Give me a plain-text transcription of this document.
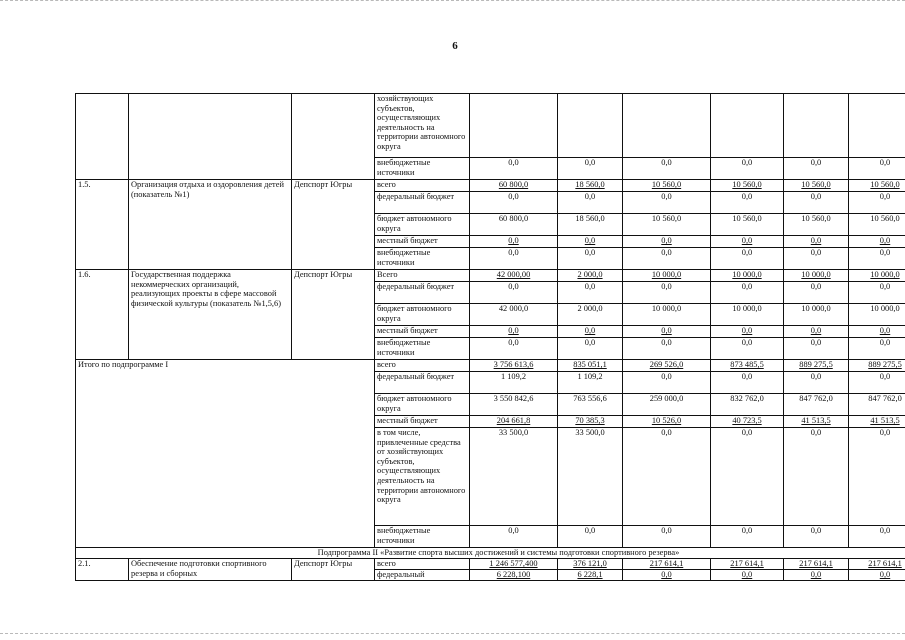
6
			хозяйствующих субъектов, осуществляющих деятельность на территории автономного округа						
			внебюджетные источники	0,0	0,0	0,0	0,0	0,0	0,0
1.5.	Организация отдыха и оздоровления детей (показатель №1)	Депспорт Югры	всего	60 800,0	18 560,0	10 560,0	10 560,0	10 560,0	10 560,0
			федеральный бюджет	0,0	0,0	0,0	0,0	0,0	0,0
			бюджет автономного округа	60 800,0	18 560,0	10 560,0	10 560,0	10 560,0	10 560,0
			местный бюджет	0,0	0,0	0,0	0,0	0,0	0,0
			внебюджетные источники	0,0	0,0	0,0	0,0	0,0	0,0
1.6.	Государственная поддержка некоммерческих организаций, реализующих проекты в сфере массовой физической культуры (показатель №1,5,6)	Депспорт Югры	Всего	42 000,00	2 000,0	10 000,0	10 000,0	10 000,0	10 000,0
			федеральный бюджет	0,0	0,0	0,0	0,0	0,0	0,0
			бюджет автономного округа	42 000,0	2 000,0	10 000,0	10 000,0	10 000,0	10 000,0
			местный бюджет	0,0	0,0	0,0	0,0	0,0	0,0
			внебюджетные источники	0,0	0,0	0,0	0,0	0,0	0,0
Итого по подпрограмме I			всего	3 756 613,6	835 051,1	269 526,0	873 485,5	889 275,5	889 275,5
			федеральный бюджет	1 109,2	1 109,2	0,0	0,0	0,0	0,0
			бюджет автономного округа	3 550 842,6	763 556,6	259 000,0	832 762,0	847 762,0	847 762,0
			местный бюджет	204 661,8	70 385,3	10 526,0	40 723,5	41 513,5	41 513,5
			в том числе, привлеченные средства от хозяйствующих субъектов, осуществляющих деятельность на территории автономного округа	33 500,0	33 500,0	0,0	0,0	0,0	0,0
			внебюджетные источники	0,0	0,0	0,0	0,0	0,0	0,0
Подпрограмма II «Развитие спорта высших достижений и системы подготовки спортивного резерва»									
2.1.	Обеспечение подготовки спортивного резерва и сборных	Депспорт Югры	всего	1 246 577,400	376 121,0	217 614,1	217 614,1	217 614,1	217 614,1
			федеральный	6 228,100	6 228,1	0,0	0,0	0,0	0,0
